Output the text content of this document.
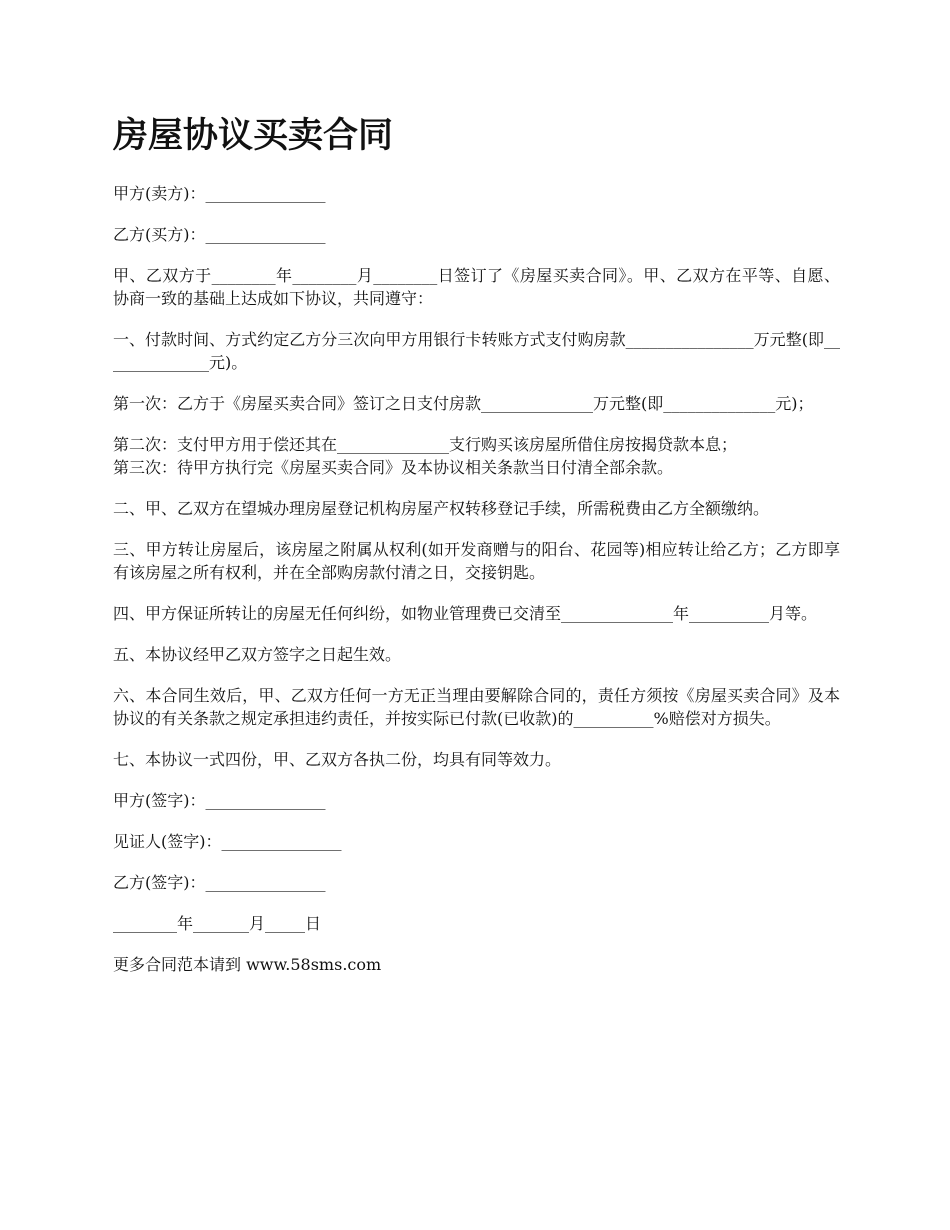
房屋协议买卖合同

甲方(卖方)：_______________

乙方(买方)：_______________

甲、乙双方于________年________月________日签订了《房屋买卖合同》。甲、乙双方在平等、自愿、协商一致的基础上达成如下协议，共同遵守：

一、付款时间、方式约定乙方分三次向甲方用银行卡转账方式支付购房款________________万元整(即______________元)。

第一次：乙方于《房屋买卖合同》签订之日支付房款______________万元整(即______________元)；

第二次：支付甲方用于偿还其在______________支行购买该房屋所借住房按揭贷款本息；

第三次：待甲方执行完《房屋买卖合同》及本协议相关条款当日付清全部余款。

二、甲、乙双方在望城办理房屋登记机构房屋产权转移登记手续，所需税费由乙方全额缴纳。

三、甲方转让房屋后，该房屋之附属从权利(如开发商赠与的阳台、花园等)相应转让给乙方；乙方即享有该房屋之所有权利，并在全部购房款付清之日，交接钥匙。

四、甲方保证所转让的房屋无任何纠纷，如物业管理费已交清至______________年__________月等。

五、本协议经甲乙双方签字之日起生效。

六、本合同生效后，甲、乙双方任何一方无正当理由要解除合同的，责任方须按《房屋买卖合同》及本协议的有关条款之规定承担违约责任，并按实际已付款(已收款)的__________%赔偿对方损失。

七、本协议一式四份，甲、乙双方各执二份，均具有同等效力。

甲方(签字)：_______________

见证人(签字)：_______________

乙方(签字)：_______________

________年_______月_____日

更多合同范本请到 www.58sms.com
